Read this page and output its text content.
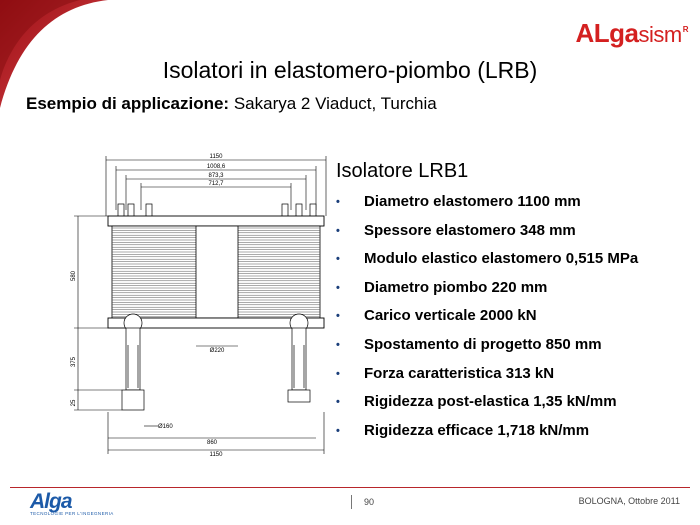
ALgasism$^R$
Isolatori in elastomero-piombo (LRB)
Esempio di applicazione: Sakarya 2 Viaduct, Turchia
1150
1008,6
873,3
712,7
580
375
25
Ø220
Ø160
860
1150
Isolatore LRB1
•	Diametro elastomero 1100 mm
•	Spessore elastomero 348 mm
•	Modulo elastico elastomero 0,515 MPa
•	Diametro piombo 220 mm
•	Carico verticale 2000 kN
•	Spostamento di progetto 850 mm
•	Forza caratteristica 313 kN
•	Rigidezza post-elastica 1,35 kN/mm
•	Rigidezza efficace 1,718 kN/mm
Alga
TECNOLOGIE PER L'INGEGNERIA
90	BOLOGNA, Ottobre 2011
